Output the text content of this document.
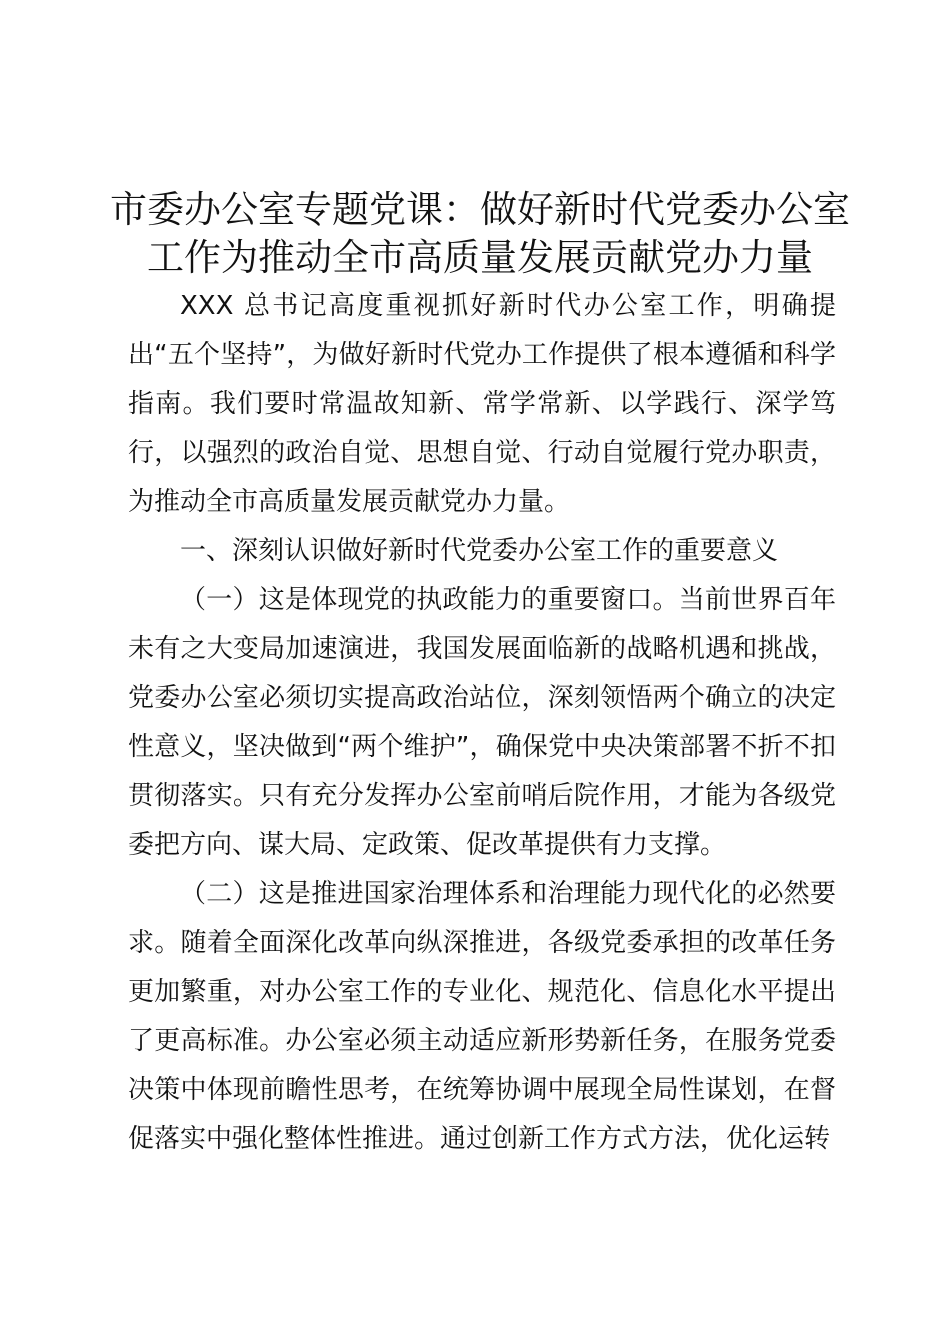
市委办公室专题党课：做好新时代党委办公室
工作为推动全市高质量发展贡献党办力量

XXX 总书记高度重视抓好新时代办公室工作，明确提出“五个坚持”，为做好新时代党办工作提供了根本遵循和科学指南。我们要时常温故知新、常学常新、以学践行、深学笃行，以强烈的政治自觉、思想自觉、行动自觉履行党办职责，为推动全市高质量发展贡献党办力量。

一、深刻认识做好新时代党委办公室工作的重要意义

（一）这是体现党的执政能力的重要窗口。当前世界百年未有之大变局加速演进，我国发展面临新的战略机遇和挑战，党委办公室必须切实提高政治站位，深刻领悟两个确立的决定性意义，坚决做到“两个维护”，确保党中央决策部署不折不扣贯彻落实。只有充分发挥办公室前哨后院作用，才能为各级党委把方向、谋大局、定政策、促改革提供有力支撑。

（二）这是推进国家治理体系和治理能力现代化的必然要求。随着全面深化改革向纵深推进，各级党委承担的改革任务更加繁重，对办公室工作的专业化、规范化、信息化水平提出了更高标准。办公室必须主动适应新形势新任务，在服务党委决策中体现前瞻性思考，在统筹协调中展现全局性谋划，在督促落实中强化整体性推进。通过创新工作方式方法，优化运转
